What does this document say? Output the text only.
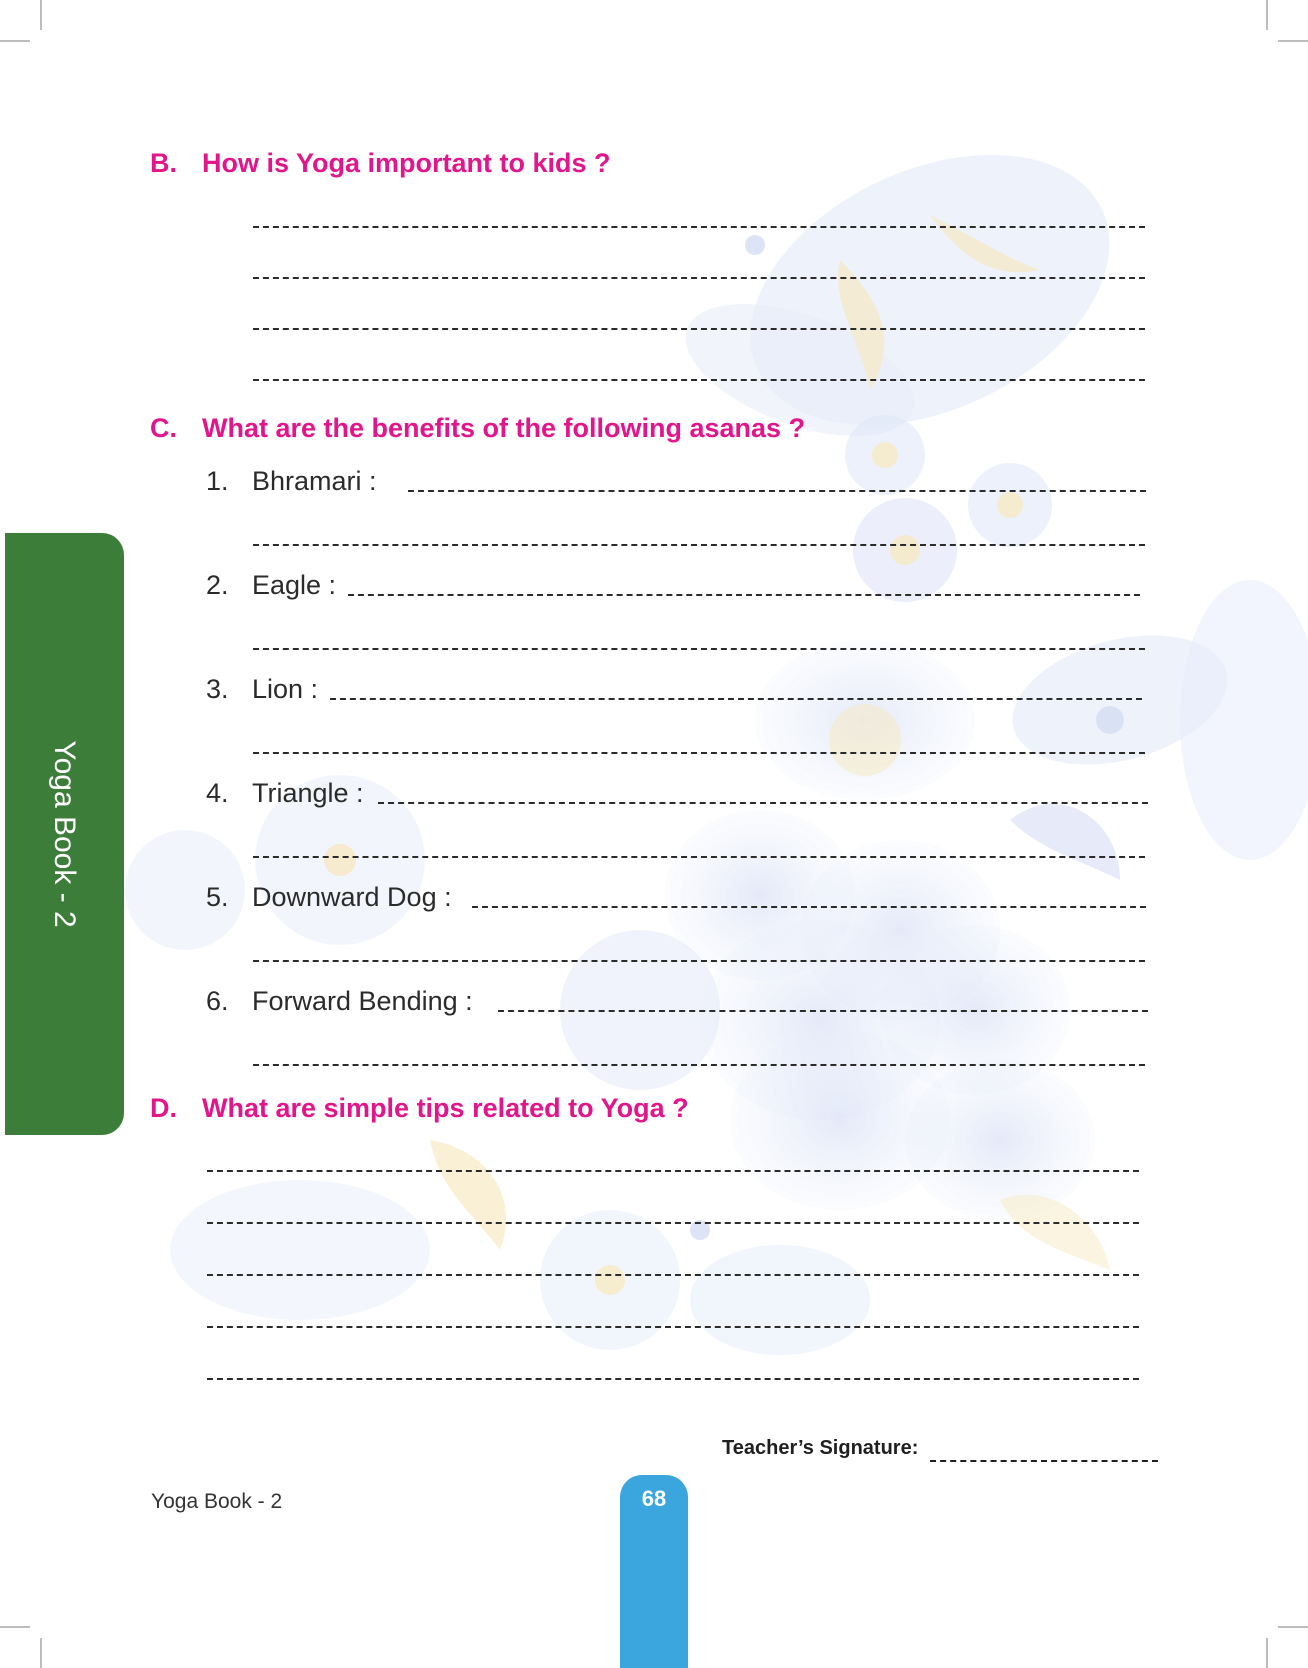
Yoga Book - 2
B. How is Yoga important to kids ?
C. What are the benefits of the following asanas ?
1. Bhramari :
2. Eagle :
3. Lion :
4. Triangle :
5. Downward Dog :
6. Forward Bending :
D. What are simple tips related to Yoga ?
Teacher’s Signature:
Yoga Book - 2	68
